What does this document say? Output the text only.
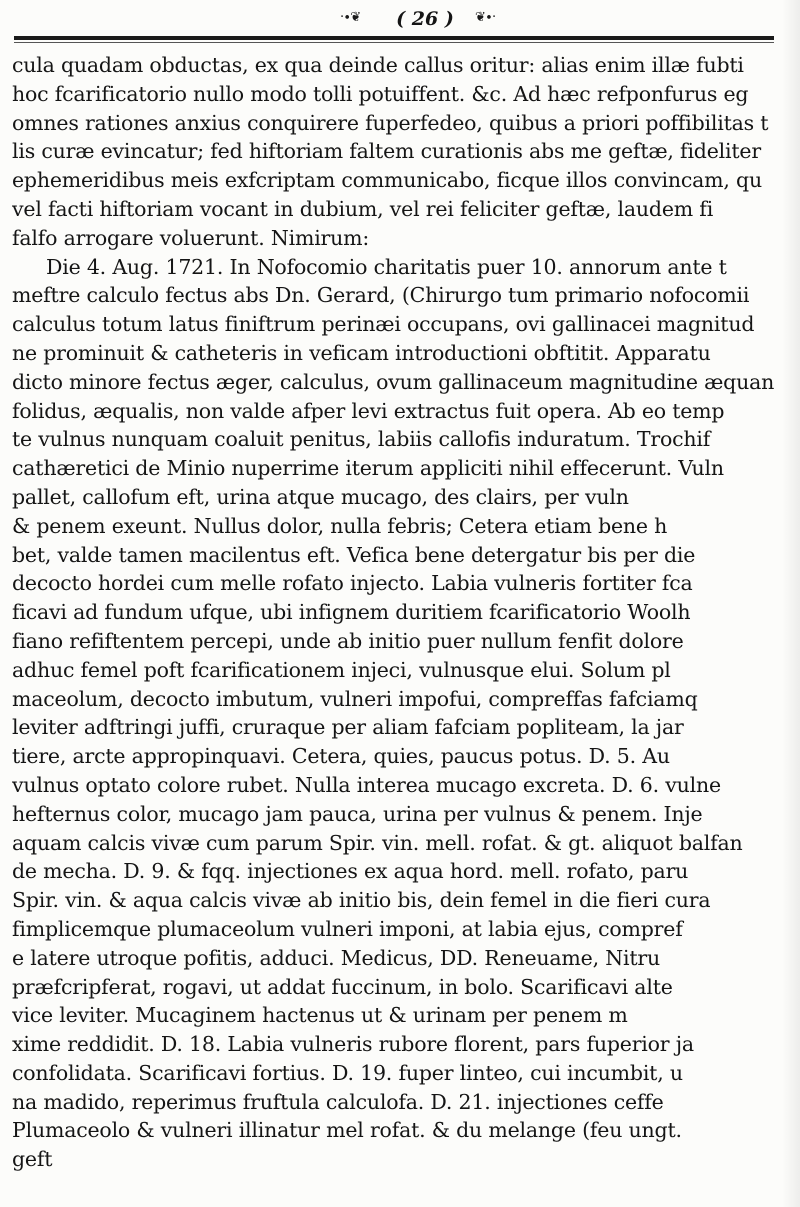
·∙❦	( 26 )	❦∙·
cula quadam obductas, ex qua deinde callus oritur: alias enim illæ fubti
hoc fcarificatorio nullo modo tolli potuiffent. &c. Ad hæc refponfurus eg
omnes rationes anxius conquirere fuperfedeo, quibus a priori poffibilitas t
lis curæ evincatur; fed hiftoriam faltem curationis abs me geftæ, fideliter
ephemeridibus meis exfcriptam communicabo, ficque illos convincam, qu
vel facti hiftoriam vocant in dubium, vel rei feliciter geftæ, laudem fi
falfo arrogare voluerunt. Nimirum:
Die 4. Aug. 1721. In Nofocomio charitatis puer 10. annorum ante t
meftre calculo fectus abs Dn. Gerard, (Chirurgo tum primario nofocomii
calculus totum latus finiftrum perinæi occupans, ovi gallinacei magnitud
ne prominuit & catheteris in veficam introductioni obftitit. Apparatu
dicto minore fectus æger, calculus, ovum gallinaceum magnitudine æquan
folidus, æqualis, non valde afper levi extractus fuit opera. Ab eo temp
te vulnus nunquam coaluit penitus, labiis callofis induratum. Trochif
cathæretici de Minio nuperrime iterum appliciti nihil effecerunt. Vuln
pallet, callofum eft, urina atque mucago, des clairs, per vuln
& penem exeunt. Nullus dolor, nulla febris; Cetera etiam bene h
bet, valde tamen macilentus eft. Vefica bene detergatur bis per die
decocto hordei cum melle rofato injecto. Labia vulneris fortiter fca
ficavi ad fundum ufque, ubi infignem duritiem fcarificatorio Woolh
fiano refiftentem percepi, unde ab initio puer nullum fenfit dolore
adhuc femel poft fcarificationem injeci, vulnusque elui. Solum pl
maceolum, decocto imbutum, vulneri impofui, compreffas fafciamq
leviter adftringi juffi, cruraque per aliam fafciam popliteam, la jar
tiere, arcte appropinquavi. Cetera, quies, paucus potus. D. 5. Au
vulnus optato colore rubet. Nulla interea mucago excreta. D. 6. vulne
hefternus color, mucago jam pauca, urina per vulnus & penem. Inje
aquam calcis vivæ cum parum Spir. vin. mell. rofat. & gt. aliquot balfan
de mecha. D. 9. & fqq. injectiones ex aqua hord. mell. rofato, paru
Spir. vin. & aqua calcis vivæ ab initio bis, dein femel in die fieri cura
fimplicemque plumaceolum vulneri imponi, at labia ejus, compref
e latere utroque pofitis, adduci. Medicus, DD. Reneuame, Nitru
præfcripferat, rogavi, ut addat fuccinum, in bolo. Scarificavi alte
vice leviter. Mucaginem hactenus ut & urinam per penem m
xime reddidit. D. 18. Labia vulneris rubore florent, pars fuperior ja
confolidata. Scarificavi fortius. D. 19. fuper linteo, cui incumbit, u
na madido, reperimus fruftula calculofa. D. 21. injectiones ceffe
Plumaceolo & vulneri illinatur mel rofat. & du melange (feu ungt.
geft
